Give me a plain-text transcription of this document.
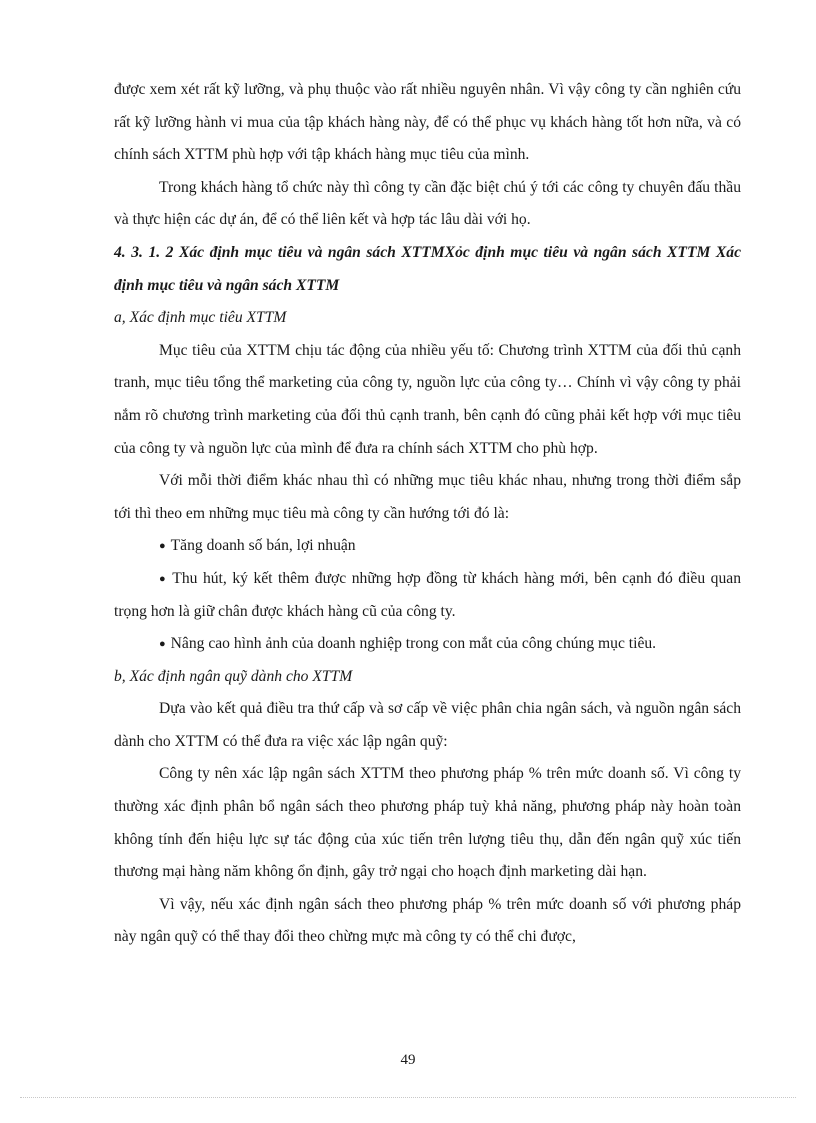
được xem xét rất kỹ lưỡng, và phụ thuộc vào rất nhiều nguyên nhân. Vì vậy công ty cần nghiên cứu rất kỹ lưỡng hành vi mua của tập khách hàng này, để có thể phục vụ khách hàng tốt hơn nữa, và có chính sách XTTM phù hợp với tập khách hàng mục tiêu của mình.

Trong khách hàng tổ chức này thì công ty cần đặc biệt chú ý tới các công ty chuyên đấu thầu và thực hiện các dự án, để có thể liên kết và hợp tác lâu dài với họ.

4. 3. 1. 2 Xác định mục tiêu và ngân sách XTTMXỏc định mục tiêu và ngân sách XTTM Xác định mục tiêu và ngân sách XTTM

a, Xác định mục tiêu XTTM

Mục tiêu của XTTM chịu tác động của nhiều yếu tố: Chương trình XTTM của đối thủ cạnh tranh, mục tiêu tổng thể marketing của công ty, nguồn lực của công ty… Chính vì vậy công ty phải nắm rõ chương trình marketing của đối thủ cạnh tranh, bên cạnh đó cũng phải kết hợp với mục tiêu của công ty và nguồn lực của mình để đưa ra chính sách XTTM cho phù hợp.

Với mỗi thời điểm khác nhau thì có những mục tiêu khác nhau, nhưng trong thời điểm sắp tới thì theo em những mục tiêu mà công ty cần hướng tới đó là:

● Tăng doanh số bán, lợi nhuận

● Thu hút, ký kết thêm được những hợp đồng từ khách hàng mới, bên cạnh đó điều quan trọng hơn là giữ chân được khách hàng cũ của công ty.

● Nâng cao hình ảnh của doanh nghiệp trong con mắt của công chúng mục tiêu.

b, Xác định ngân quỹ dành cho XTTM

Dựa vào kết quả điều tra thứ cấp và sơ cấp về việc phân chia ngân sách, và nguồn ngân sách dành cho XTTM có thể đưa ra việc xác lập ngân quỹ:

Công ty nên xác lập ngân sách XTTM theo phương pháp % trên mức doanh số. Vì công ty thường xác định phân bổ ngân sách theo phương pháp tuỳ khả năng, phương pháp này hoàn toàn không tính đến hiệu lực sự tác động của xúc tiến trên lượng tiêu thụ, dẫn đến ngân quỹ xúc tiến thương mại hàng năm không ổn định, gây trở ngại cho hoạch định marketing dài hạn.

Vì vậy, nếu xác định ngân sách theo phương pháp % trên mức doanh số với phương pháp này ngân quỹ có thể thay đổi theo chừng mực mà công ty có thể chi được,

49
